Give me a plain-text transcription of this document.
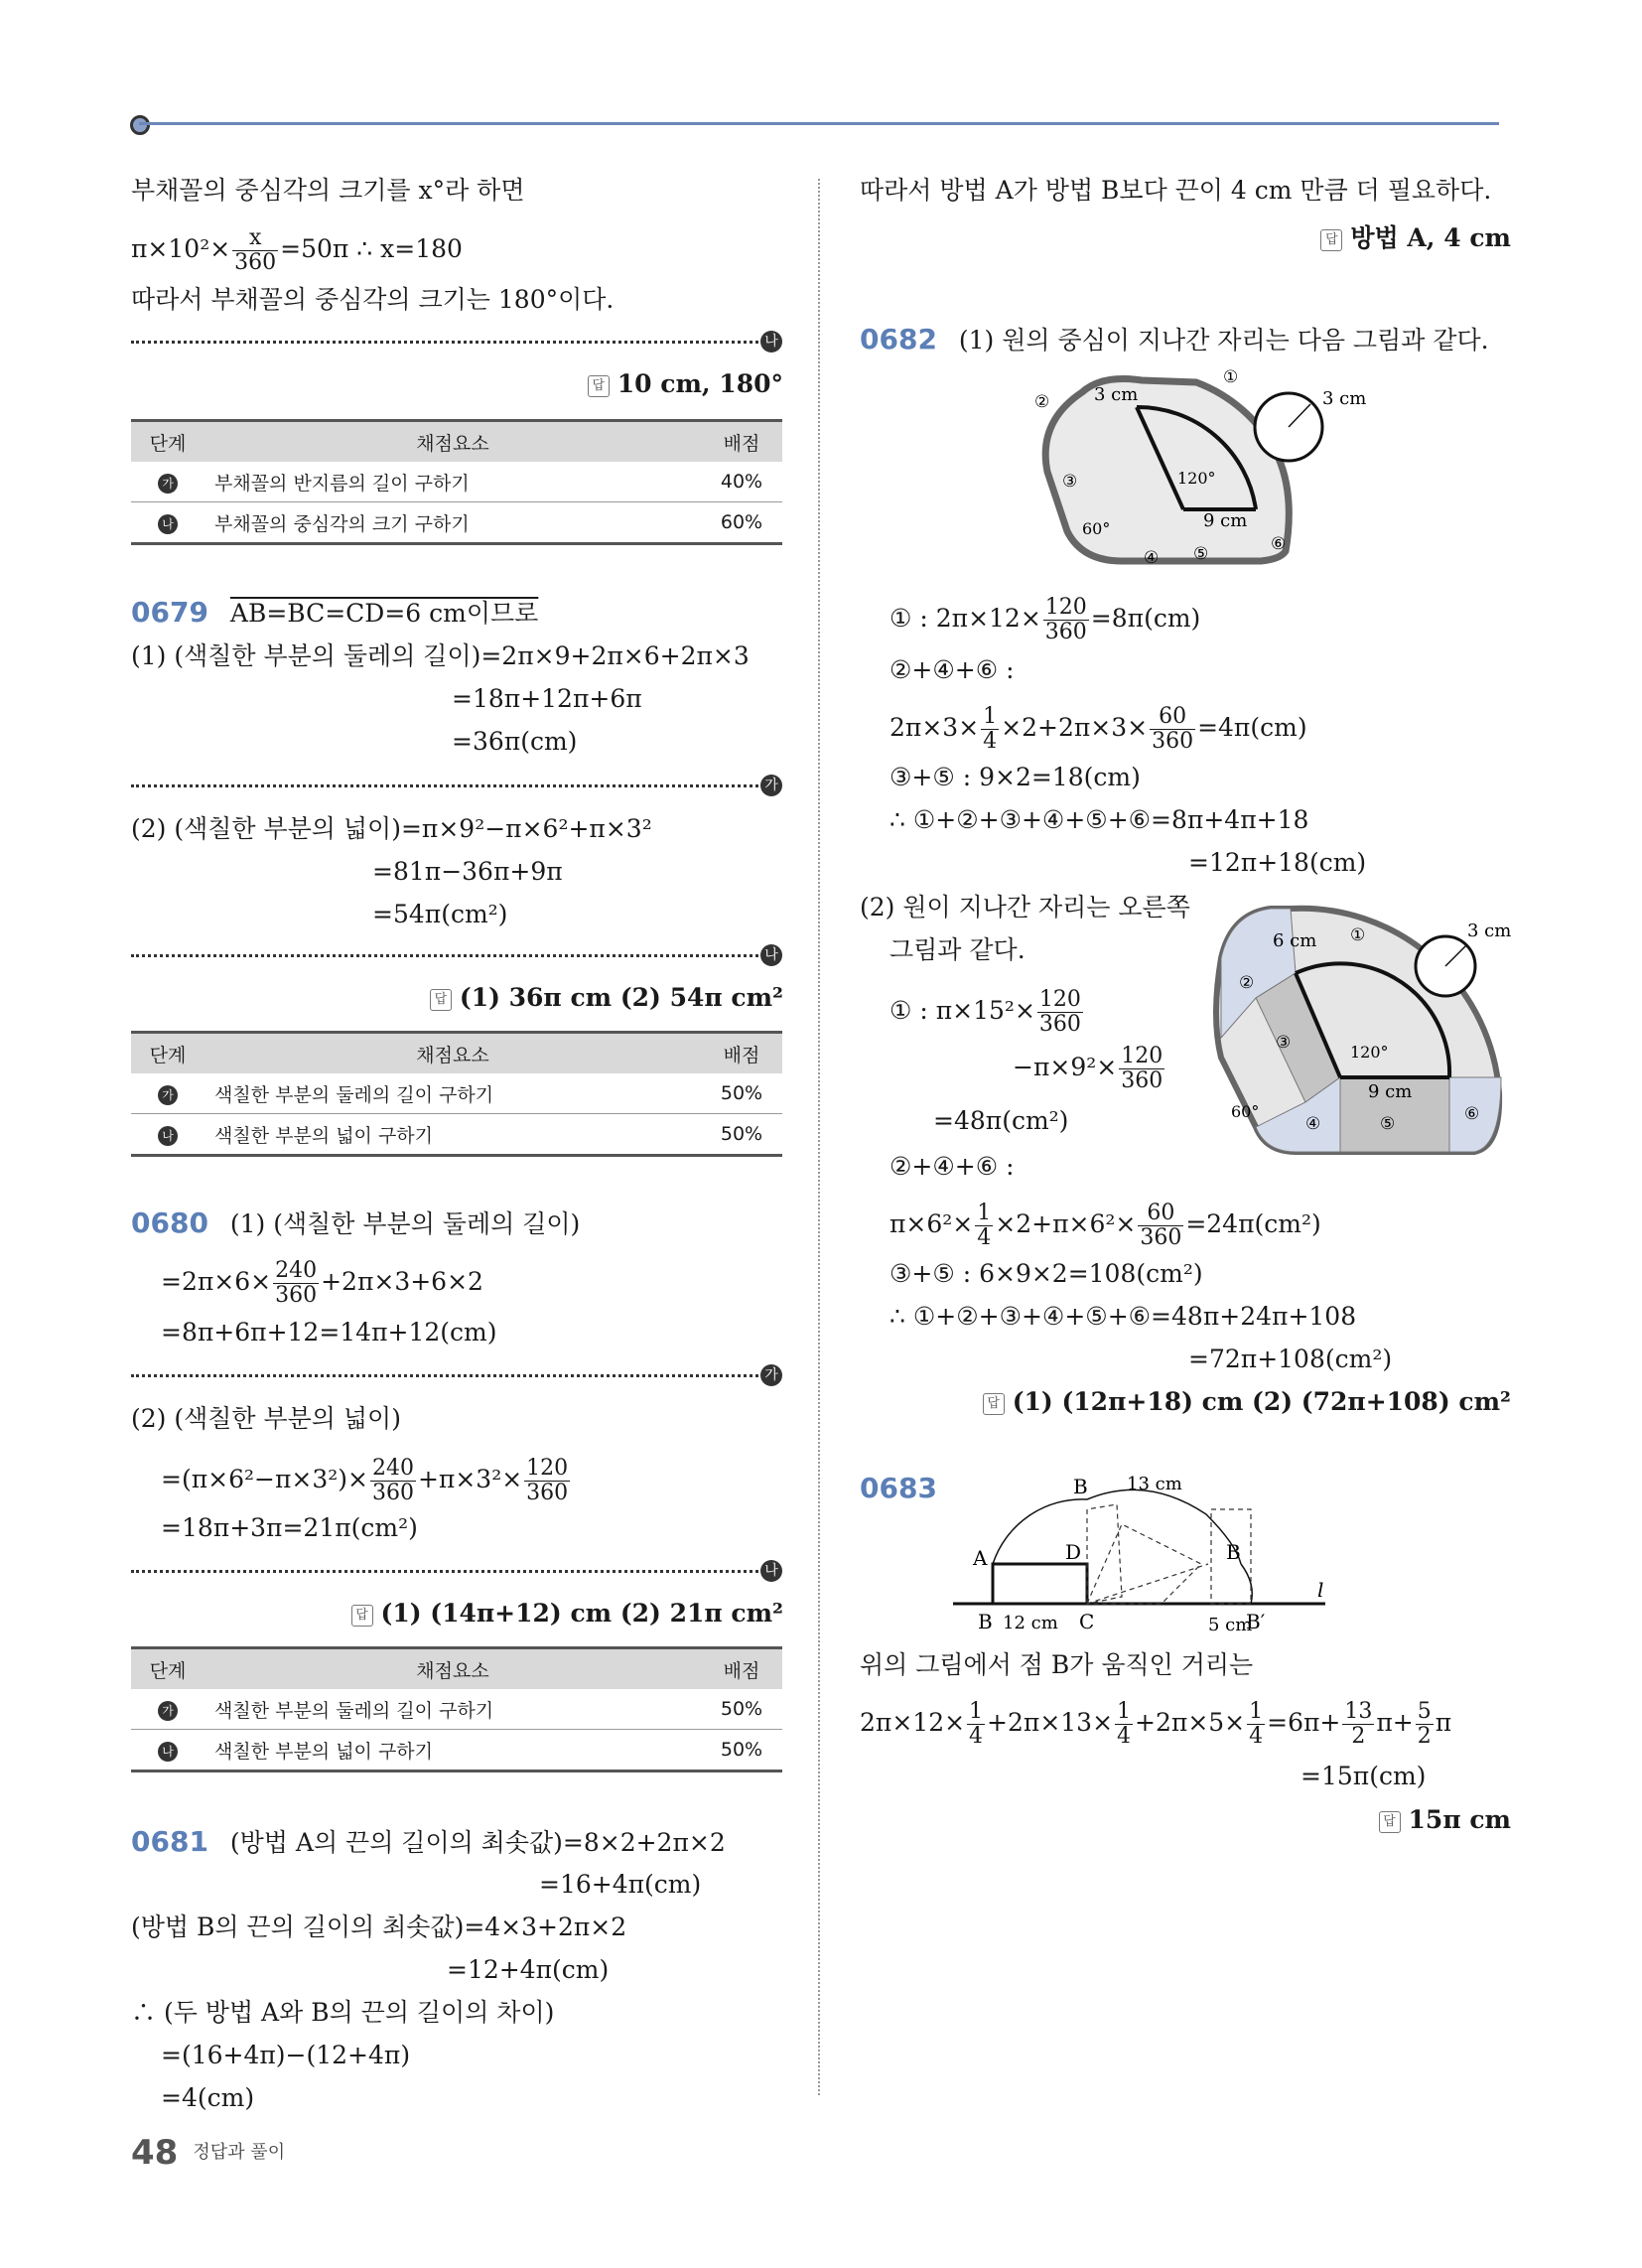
부채꼴의 중심각의 크기를 x°라 하면
$\pi\times 10^2\times \frac{x}{360} =50\pi$ ∴ x=180
따라서 부채꼴의 중심각의 크기는 180°이다.
나
답 10 cm, 180°
단계	채점요소	배점
가	부채꼴의 반지름의 길이 구하기	40%
나	부채꼴의 중심각의 크기 구하기	60%
0679 AB=BC=CD=6 cm이므로
(1) (색칠한 부분의 둘레의 길이)=2π×9+2π×6+2π×3
=18π+12π+6π
=36π(cm)
가
(2) (색칠한 부분의 넓이)=π×9²−π×6²+π×3²
=81π−36π+9π
=54π(cm²)
나
답 (1) 36π cm (2) 54π cm²
단계	채점요소	배점
가	색칠한 부분의 둘레의 길이 구하기	50%
나	색칠한 부분의 넓이 구하기	50%
0680 (1) (색칠한 부분의 둘레의 길이)
$=2\pi\times 6\times \frac{240}{360} +2\pi\times 3+6\times 2$
=8π+6π+12=14π+12(cm)
가
(2) (색칠한 부분의 넓이)
$=(\pi\times 6^2-\pi\times 3^2)\times \frac{240}{360} +\pi\times 3^2\times \frac{120}{360}$
=18π+3π=21π(cm²)
나
답 (1) (14π+12) cm (2) 21π cm²
단계	채점요소	배점
가	색칠한 부분의 둘레의 길이 구하기	50%
나	색칠한 부분의 넓이 구하기	50%
0681 (방법 A의 끈의 길이의 최솟값)=8×2+2π×2
=16+4π(cm)
(방법 B의 끈의 길이의 최솟값)=4×3+2π×2
=12+4π(cm)
∴ (두 방법 A와 B의 끈의 길이의 차이)
=(16+4π)−(12+4π)
=4(cm)
48 정답과 풀이
따라서 방법 A가 방법 B보다 끈이 4 cm 만큼 더 필요하다.
답 방법 A, 4 cm
0682 (1) 원의 중심이 지나간 자리는 다음 그림과 같다.
3 cm	3 cm
120°
9 cm
60°
①
②
③
④ ⑤	⑥
① : $2\pi\times 12\times \frac{120}{360} =8\pi(cm)$
②+④+⑥ :
$2\pi\times 3\times \frac{1}{4} \times 2+2\pi\times 3\times \frac{60}{360} =4\pi(cm)$
③+⑤ : 9×2=18(cm)
∴ ①+②+③+④+⑤+⑥=8π+4π+18
=12π+18(cm)
(2) 원이 지나간 자리는 오른쪽
그림과 같다.
3 cm
6 cm
120°
9 cm
60°
①
②
③
④	⑤	⑥
① : $\pi\times 15^2\times \frac{120}{360}$
$-\pi\times 9^2\times \frac{120}{360}$
=48π(cm²)
②+④+⑥ :
$\pi\times 6^2\times \frac{1}{4} \times 2+\pi\times 6^2\times \frac{60}{360} =24\pi(cm^2)$
③+⑤ : 6×9×2=108(cm²)
∴ ①+②+③+④+⑤+⑥=48π+24π+108
=72π+108(cm²)
답 (1) (12π+18) cm (2) (72π+108) cm²
0683	B 13 cm
A	D	B
B 12 cm C	5 cm
B′
l
위의 그림에서 점 B가 움직인 거리는
$2\pi\times 12\times \frac{1}{4} +2\pi\times 13\times \frac{1}{4} +2\pi\times 5\times \frac{1}{4} =6\pi+ \frac{13}{2} \pi+ \frac{5}{2}$ π
=15π(cm)
답 15π cm
